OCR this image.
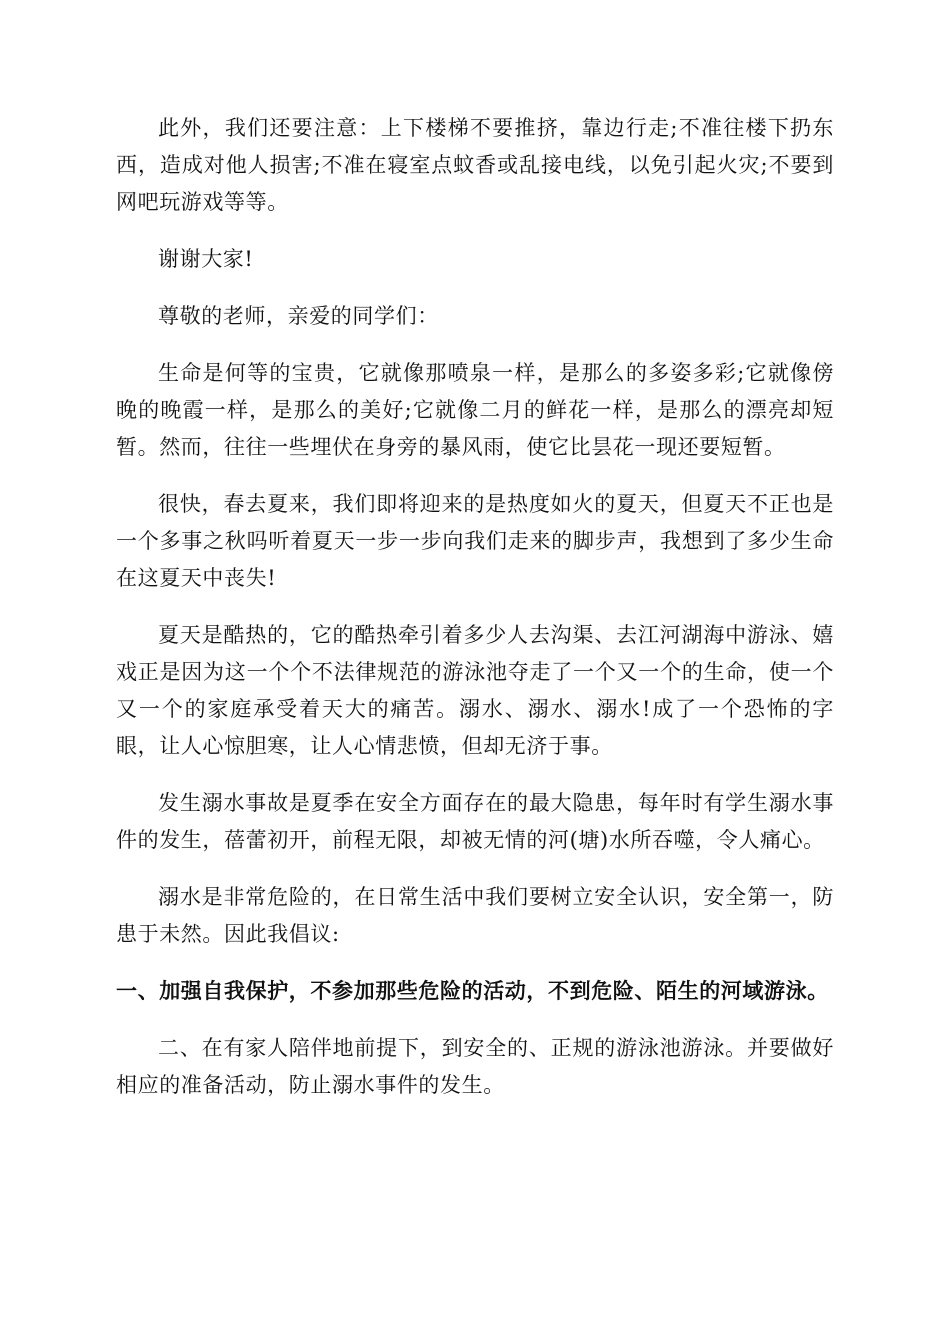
此外，我们还要注意：上下楼梯不要推挤，靠边行走;不准往楼下扔东西，造成对他人损害;不准在寝室点蚊香或乱接电线，以免引起火灾;不要到网吧玩游戏等等。

谢谢大家!

尊敬的老师，亲爱的同学们：

生命是何等的宝贵，它就像那喷泉一样，是那么的多姿多彩;它就像傍晚的晚霞一样，是那么的美好;它就像二月的鲜花一样，是那么的漂亮却短暂。然而，往往一些埋伏在身旁的暴风雨，使它比昙花一现还要短暂。

很快，春去夏来，我们即将迎来的是热度如火的夏天，但夏天不正也是一个多事之秋吗听着夏天一步一步向我们走来的脚步声，我想到了多少生命在这夏天中丧失!

夏天是酷热的，它的酷热牵引着多少人去沟渠、去江河湖海中游泳、嬉戏正是因为这一个个不法律规范的游泳池夺走了一个又一个的生命，使一个又一个的家庭承受着天大的痛苦。溺水、溺水、溺水!成了一个恐怖的字眼，让人心惊胆寒，让人心情悲愤，但却无济于事。

发生溺水事故是夏季在安全方面存在的最大隐患，每年时有学生溺水事件的发生，蓓蕾初开，前程无限，却被无情的河(塘)水所吞噬，令人痛心。

溺水是非常危险的，在日常生活中我们要树立安全认识，安全第一，防患于未然。因此我倡议:

一、加强自我保护，不参加那些危险的活动，不到危险、陌生的河域游泳。

二、在有家人陪伴地前提下，到安全的、正规的游泳池游泳。并要做好相应的准备活动，防止溺水事件的发生。
